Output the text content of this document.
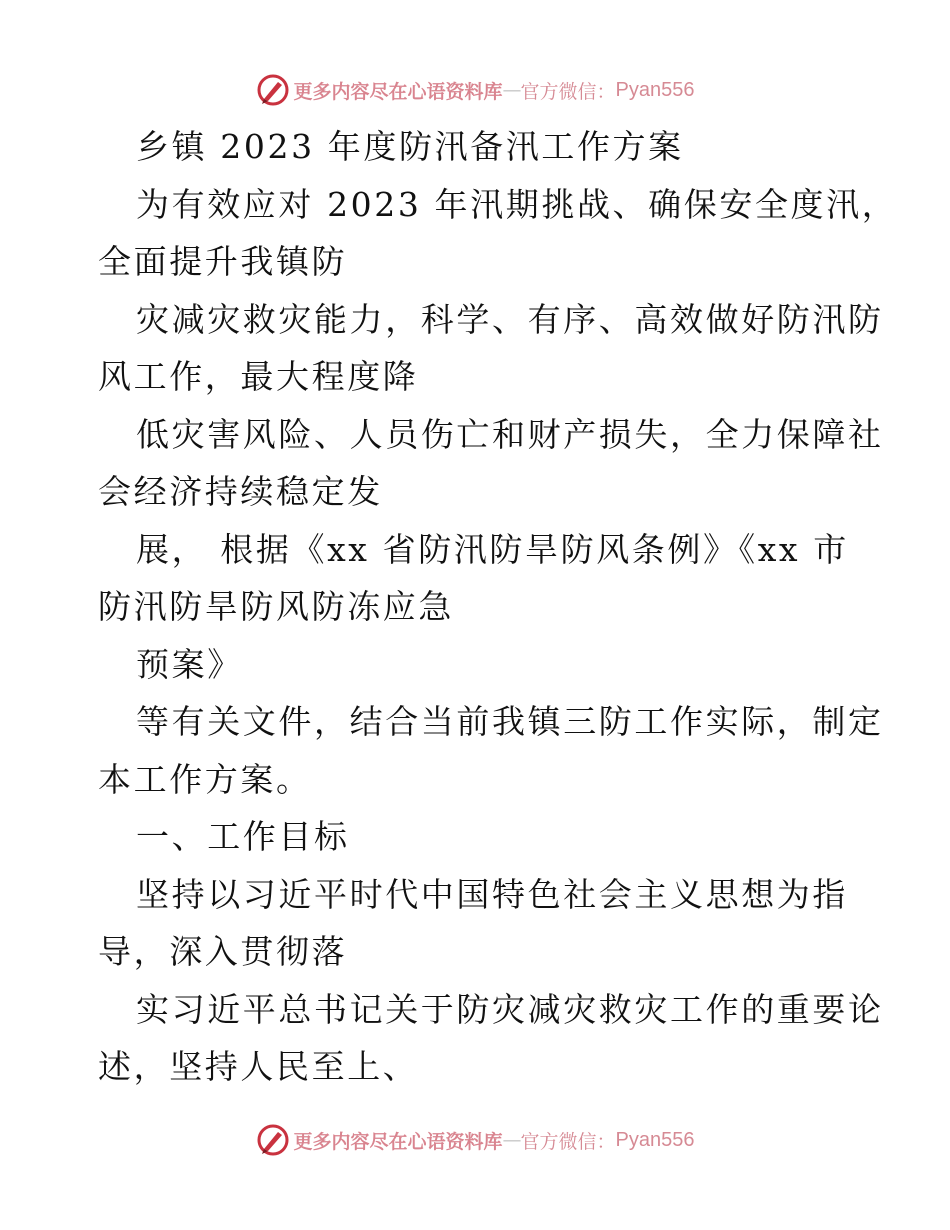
更多内容尽在心语资料库 — 官方微信： Pyan556
乡镇 2023 年度防汛备汛工作方案
为有效应对 2023 年汛期挑战、确保安全度汛，
全面提升我镇防
灾减灾救灾能力，科学、有序、高效做好防汛防
风工作，最大程度降
低灾害风险、人员伤亡和财产损失，全力保障社
会经济持续稳定发
展， 根据《xx 省防汛防旱防风条例》《xx 市
防汛防旱防风防冻应急
预案》
等有关文件，结合当前我镇三防工作实际，制定
本工作方案。
一、工作目标
坚持以习近平时代中国特色社会主义思想为指
导，深入贯彻落
实习近平总书记关于防灾减灾救灾工作的重要论
述，坚持人民至上、
更多内容尽在心语资料库 — 官方微信： Pyan556
